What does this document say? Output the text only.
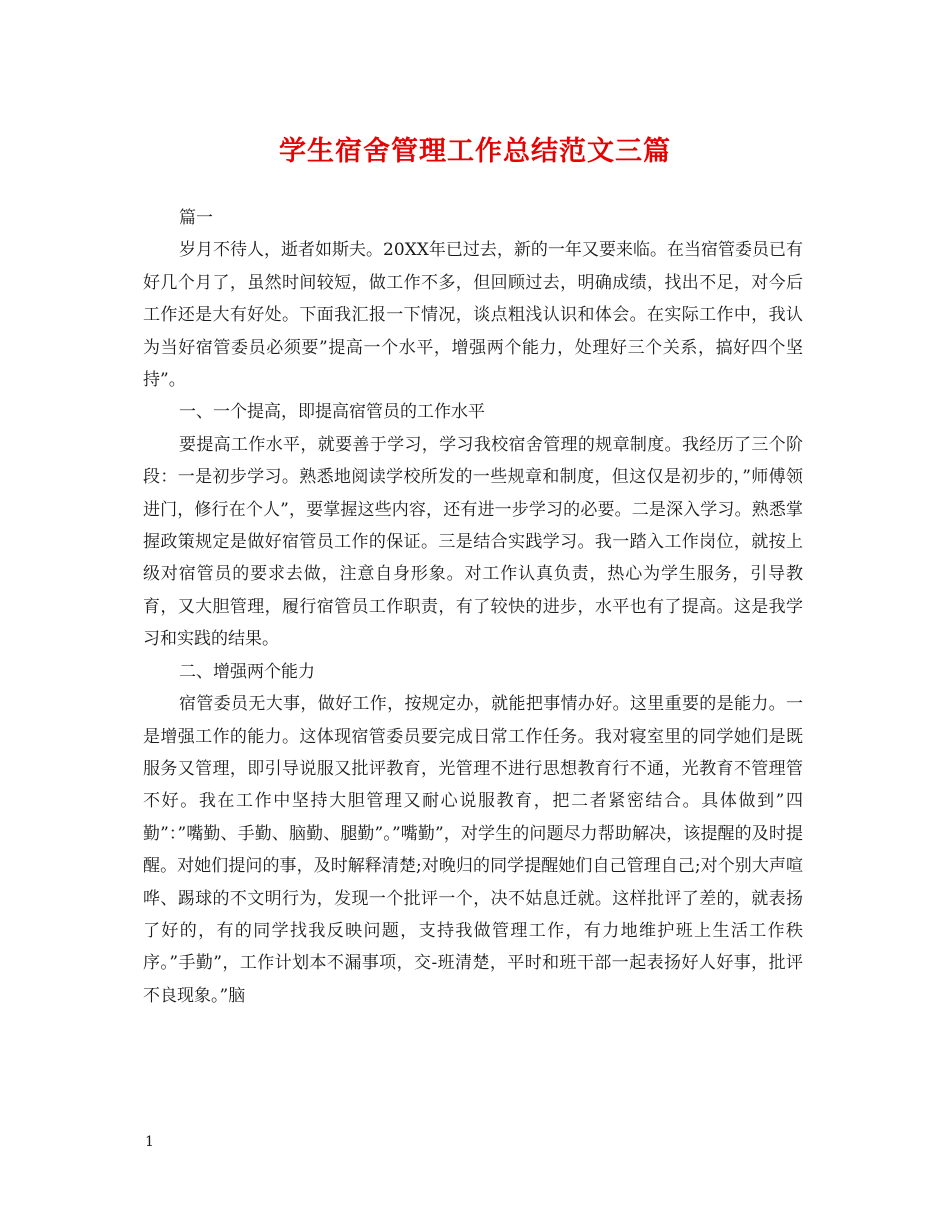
学生宿舍管理工作总结范文三篇

篇一

岁月不待人，逝者如斯夫。20XX年已过去，新的一年又要来临。在当宿管委员已有好几个月了，虽然时间较短，做工作不多，但回顾过去，明确成绩，找出不足，对今后工作还是大有好处。下面我汇报一下情况，谈点粗浅认识和体会。在实际工作中，我认为当好宿管委员必须要”提高一个水平，增强两个能力，处理好三个关系，搞好四个坚持”。

一、一个提高，即提高宿管员的工作水平

要提高工作水平，就要善于学习，学习我校宿舍管理的规章制度。我经历了三个阶段：一是初步学习。熟悉地阅读学校所发的一些规章和制度，但这仅是初步的，”师傅领进门，修行在个人”，要掌握这些内容，还有进一步学习的必要。二是深入学习。熟悉掌握政策规定是做好宿管员工作的保证。三是结合实践学习。我一踏入工作岗位，就按上级对宿管员的要求去做，注意自身形象。对工作认真负责，热心为学生服务，引导教育，又大胆管理，履行宿管员工作职责，有了较快的进步，水平也有了提高。这是我学习和实践的结果。

二、增强两个能力

宿管委员无大事，做好工作，按规定办，就能把事情办好。这里重要的是能力。一是增强工作的能力。这体现宿管委员要完成日常工作任务。我对寝室里的同学她们是既服务又管理，即引导说服又批评教育，光管理不进行思想教育行不通，光教育不管理管不好。我在工作中坚持大胆管理又耐心说服教育，把二者紧密结合。具体做到”四勤”：”嘴勤、手勤、脑勤、腿勤”。”嘴勤”，对学生的问题尽力帮助解决，该提醒的及时提醒。对她们提问的事，及时解释清楚;对晚归的同学提醒她们自己管理自己;对个别大声喧哗、踢球的不文明行为，发现一个批评一个，决不姑息迁就。这样批评了差的，就表扬了好的，有的同学找我反映问题，支持我做管理工作，有力地维护班上生活工作秩序。”手勤”，工作计划本不漏事项，交-班清楚，平时和班干部一起表扬好人好事，批评不良现象。”脑

1
